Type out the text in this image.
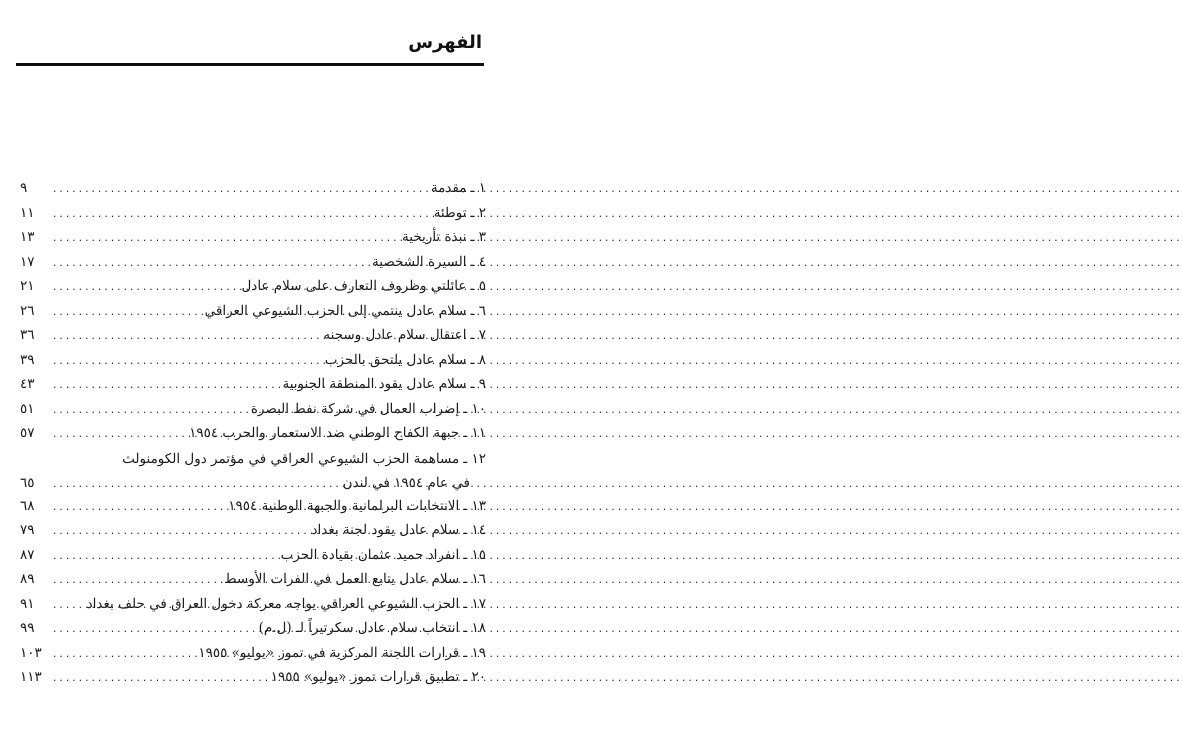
الفهرس
١ ـ
مقدمة
.....
٩
٢ ـ
توطئة
.....
١١
٣ ـ
نبذة تأريخية
.....
١٣
٤ ـ
السيرة الشخصية
.....
١٧
٥ ـ
عائلتي وظروف التعارف على سلام عادل
.....
٢١
٦ ـ
سلام عادل ينتمي إلى الحزب الشيوعي العراقي
.....
٢٦
٧ ـ
اعتقال سلام عادل وسجنه
.....
٣٦
٨ ـ
سلام عادل يلتحق بالحزب
.....
٣٩
٩ ـ
سلام عادل يقود المنطقة الجنوبية
.....
٤٣
١٠ ـ
إضراب العمال في شركة نفط البصرة
.....
٥١
١١ ـ
جبهة الكفاح الوطني ضد الاستعمار والحرب ١٩٥٤
.....
٥٧
١٢ ـ
مساهمة الحزب الشيوعي العراقي في مؤتمر دول الكومنولث
في عام ١٩٥٤ في لندن
.....
٦٥
١٣ ـ
الانتخابات البرلمانية والجبهة الوطنية ١٩٥٤
.....
٦٨
١٤ ـ
سلام عادل يقود لجنة بغداد
.....
٧٩
١٥ ـ
انفراد حميد عثمان بقيادة الحزب
.....
٨٧
١٦ ـ
سلام عادل يتابع العمل في الفرات الأوسط
.....
٨٩
١٧ ـ
الحزب الشيوعي العراقي يواجه معركة دخول العراق في حلف بغداد
.....
٩١
١٨ ـ
انتخاب سلام عادل سكرتيراً لـ (ل.م)
.....
٩٩
١٩ ـ
قرارات اللجنة المركزية في تموز «يوليو» ١٩٥٥
.....
١٠٣
٢٠ ـ
تطبيق قرارات تموز «يوليو» ١٩٥٥
.....
١١٣
